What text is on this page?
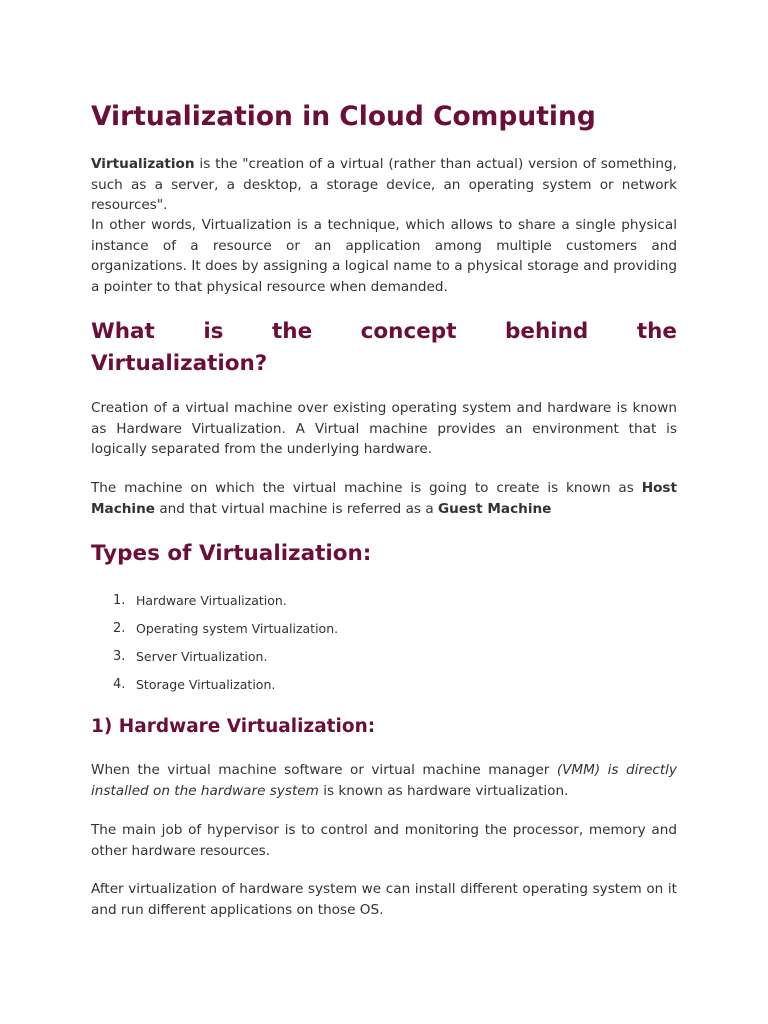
Virtualization in Cloud Computing

Virtualization is the "creation of a virtual (rather than actual) version of something, such as a server, a desktop, a storage device, an operating system or network resources".

In other words, Virtualization is a technique, which allows to share a single physical instance of a resource or an application among multiple customers and organizations. It does by assigning a logical name to a physical storage and providing a pointer to that physical resource when demanded.

What is the concept behind the
Virtualization?

Creation of a virtual machine over existing operating system and hardware is known as Hardware Virtualization. A Virtual machine provides an environment that is logically separated from the underlying hardware.

The machine on which the virtual machine is going to create is known as Host Machine and that virtual machine is referred as a Guest Machine

Types of Virtualization:
1. Hardware Virtualization.
2. Operating system Virtualization.
3. Server Virtualization.
4. Storage Virtualization.
1) Hardware Virtualization:

When the virtual machine software or virtual machine manager (VMM) is directly installed on the hardware system is known as hardware virtualization.

The main job of hypervisor is to control and monitoring the processor, memory and other hardware resources.

After virtualization of hardware system we can install different operating system on it and run different applications on those OS.
